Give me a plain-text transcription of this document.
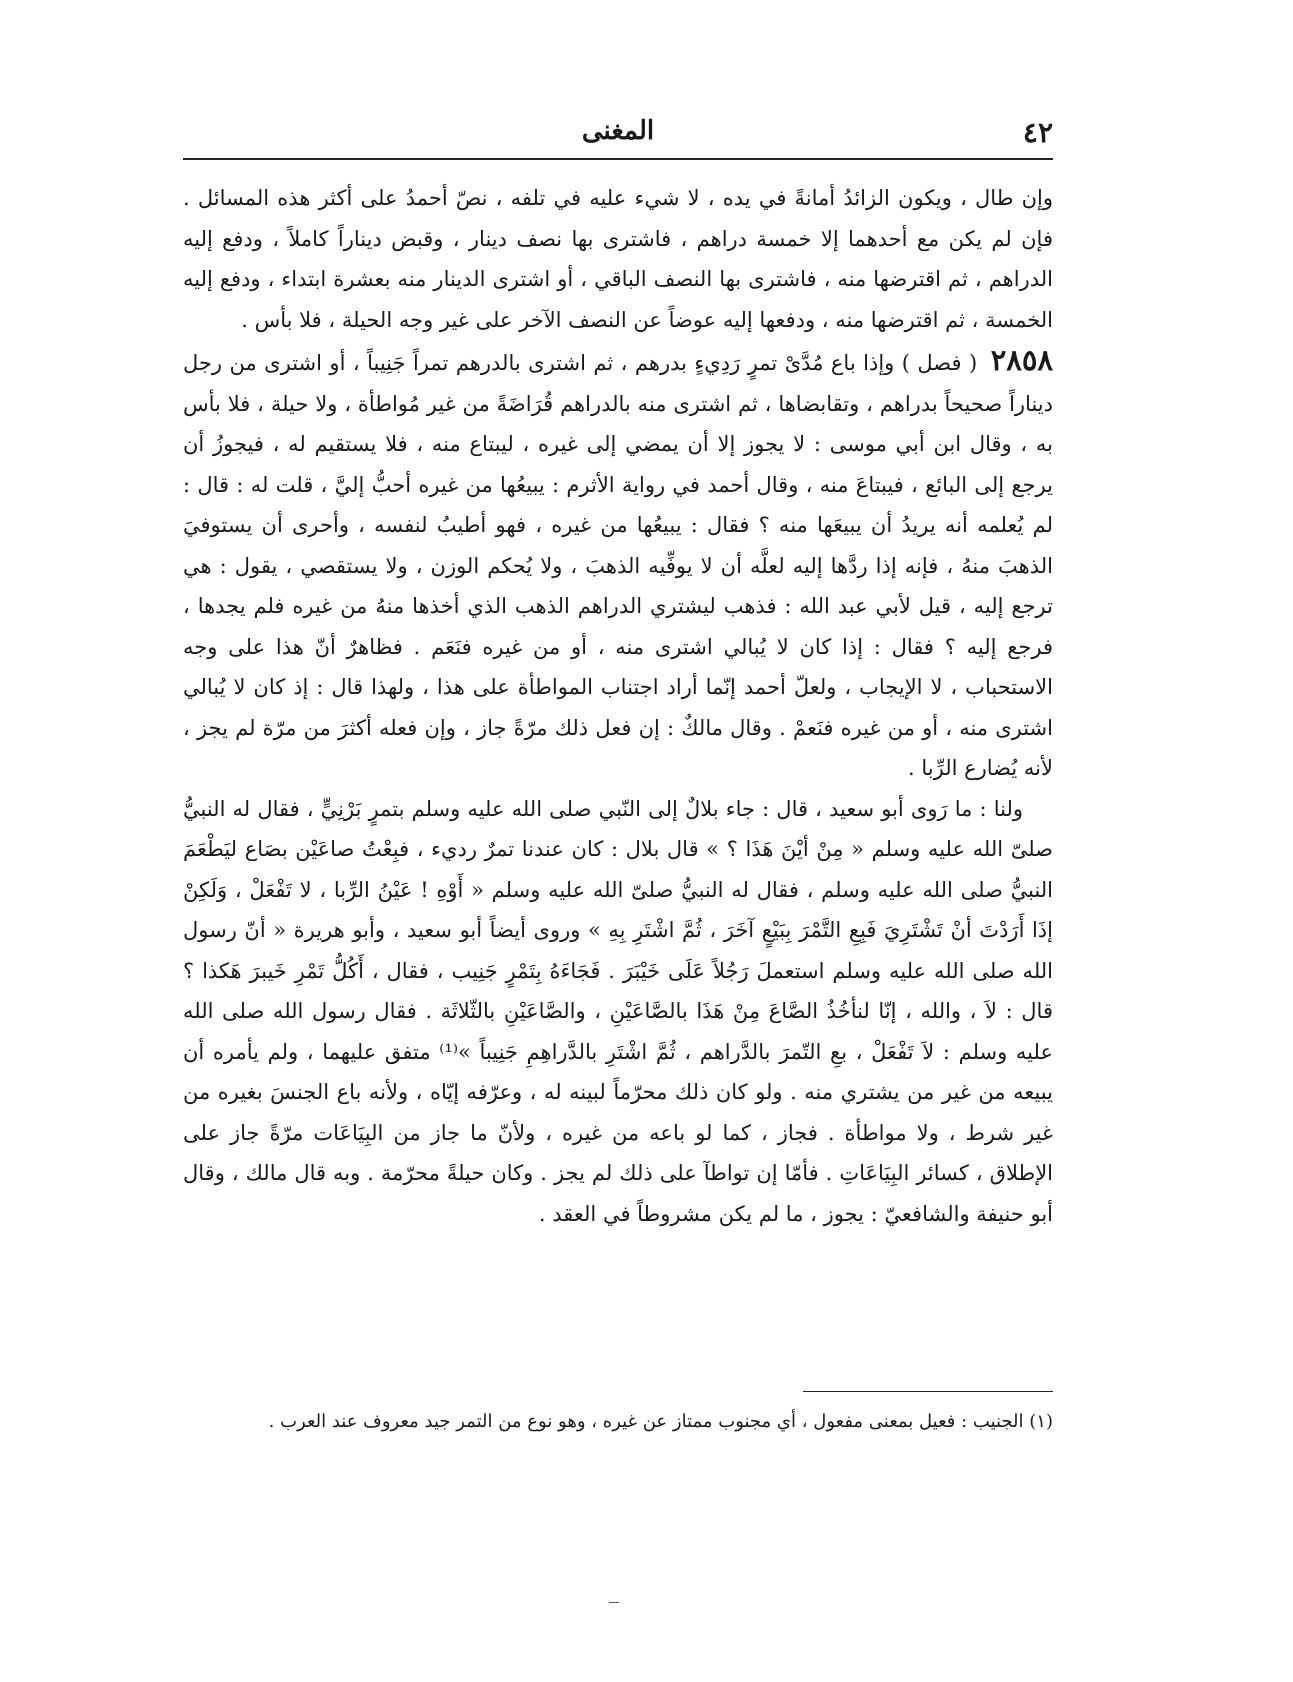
٤٢
المغنى

وإن طال ، ويكون الزائدُ أمانةً في يده ، لا شيء عليه في تلفه ، نصّ أحمدُ على أكثر هذه المسائل . فإن لم يكن مع أحدهما إلا خمسة دراهم ، فاشترى بها نصف دينار ، وقبض ديناراً كاملاً ، ودفع إليه الدراهم ، ثم اقترضها منه ، فاشترى بها النصف الباقي ، أو اشترى الدينار منه بعشرة ابتداء ، ودفع إليه الخمسة ، ثم اقترضها منه ، ودفعها إليه عوضاً عن النصف الآخر على غير وجه الحيلة ، فلا بأس .

٢٨٥٨ ( فصل ) وإذا باع مُدَّىْ تمرٍ رَدِيءٍ بدرهم ، ثم اشترى بالدرهم تمراً جَنِيباً ، أو اشترى من رجل ديناراً صحيحاً بدراهم ، وتقابضاها ، ثم اشترى منه بالدراهم قُرَاضَةً من غير مُواطأة ، ولا حيلة ، فلا بأس به ، وقال ابن أبي موسى : لا يجوز إلا أن يمضي إلى غيره ، ليبتاع منه ، فلا يستقيم له ، فيجوزُ أن يرجع إلى البائع ، فيبتاعَ منه ، وقال أحمد في رواية الأثرم : يبيعُها من غيره أحبُّ إليَّ ، قلت له : قال : لم يُعلمه أنه يريدُ أن يبيعَها منه ؟ فقال : يبيعُها من غيره ، فهو أطيبُ لنفسه ، وأحرى أن يستوفيَ الذهبَ منهُ ، فإنه إذا ردَّها إليه لعلَّه أن لا يوفِّيه الذهبَ ، ولا يُحكم الوزن ، ولا يستقصي ، يقول : هي ترجع إليه ، قيل لأبي عبد الله : فذهب ليشتري الدراهم الذهب الذي أخذها منهُ من غيره فلم يجدها ، فرجع إليه ؟ فقال : إذا كان لا يُبالي اشترى منه ، أو من غيره فنَعَم . فظاهرٌ أنّ هذا على وجه الاستحباب ، لا الإيجاب ، ولعلّ أحمد إنّما أراد اجتناب المواطأة على هذا ، ولهذا قال : إذ كان لا يُبالي اشترى منه ، أو من غيره فنَعمْ . وقال مالكٌ : إن فعل ذلك مرّةً جاز ، وإن فعله أكثرَ من مرّة لم يجز ، لأنه يُضارع الرِّبا .

ولنا : ما رَوى أبو سعيد ، قال : جاء بلالٌ إلى النّبي صلى الله عليه وسلم بتمرٍ بَرْنِيٍّ ، فقال له النبيُّ صلىّ الله عليه وسلم « مِنْ أيْنَ هَذَا ؟ » قال بلال : كان عندنا تمرٌ رديء ، فبِعْتُ صاعَيْن بصَاع ليَطْعَمَ النبيُّ صلى الله عليه وسلم ، فقال له النبيُّ صلىّ الله عليه وسلم « أَوْهِ ! عَيْنُ الرِّبا ، لا تَفْعَلْ ، وَلَكِنْ إذَا أَرَدْتَ أنْ تَشْتَرِيَ فَبِعِ التَّمْرَ بِبَيْعٍ آخَرَ ، ثُمَّ اشْتَرِ بِهِ » وروى أيضاً أبو سعيد ، وأبو هريرة « أنّ رسول الله صلى الله عليه وسلم استعملَ رَجُلاً عَلَى خَيْبَرَ . فَجَاءَهُ بِتَمْرٍ جَنِيب ، فقال ، أَكُلُّ تَمْرِ خَيبرَ هَكذا ؟ قال : لاَ ، والله ، إنّا لنأخُذُ الصَّاعَ مِنْ هَذَا بالصَّاعَيْنِ ، والصَّاعَيْنِ بالثّلاثَة . فقال رسول الله صلى الله عليه وسلم : لاَ تَفْعَلْ ، بعِ التّمرَ بالدَّراهم ، ثُمَّ اشْتَرِ بالدَّراهِمِ جَنِيباً »⁽¹⁾ متفق عليهما ، ولم يأمره أن يبيعه من غير من يشتري منه . ولو كان ذلك محرّماً لبينه له ، وعرّفه إيّاه ، ولأنه باع الجنسَ بغيره من غير شرط ، ولا مواطأة . فجاز ، كما لو باعه من غيره ، ولأنّ ما جاز من البِيَاعَات مرّةً جاز على الإطلاق ، كسائر البِيَاعَاتِ . فأمّا إن تواطآ على ذلك لم يجز . وكان حيلةً محرّمة . وبه قال مالك ، وقال أبو حنيفة والشافعيّ : يجوز ، ما لم يكن مشروطاً في العقد .

(١) الجنيب : فعيل بمعنى مفعول ، أي مجنوب ممتاز عن غيره ، وهو نوع من التمر جيد معروف عند العرب .
